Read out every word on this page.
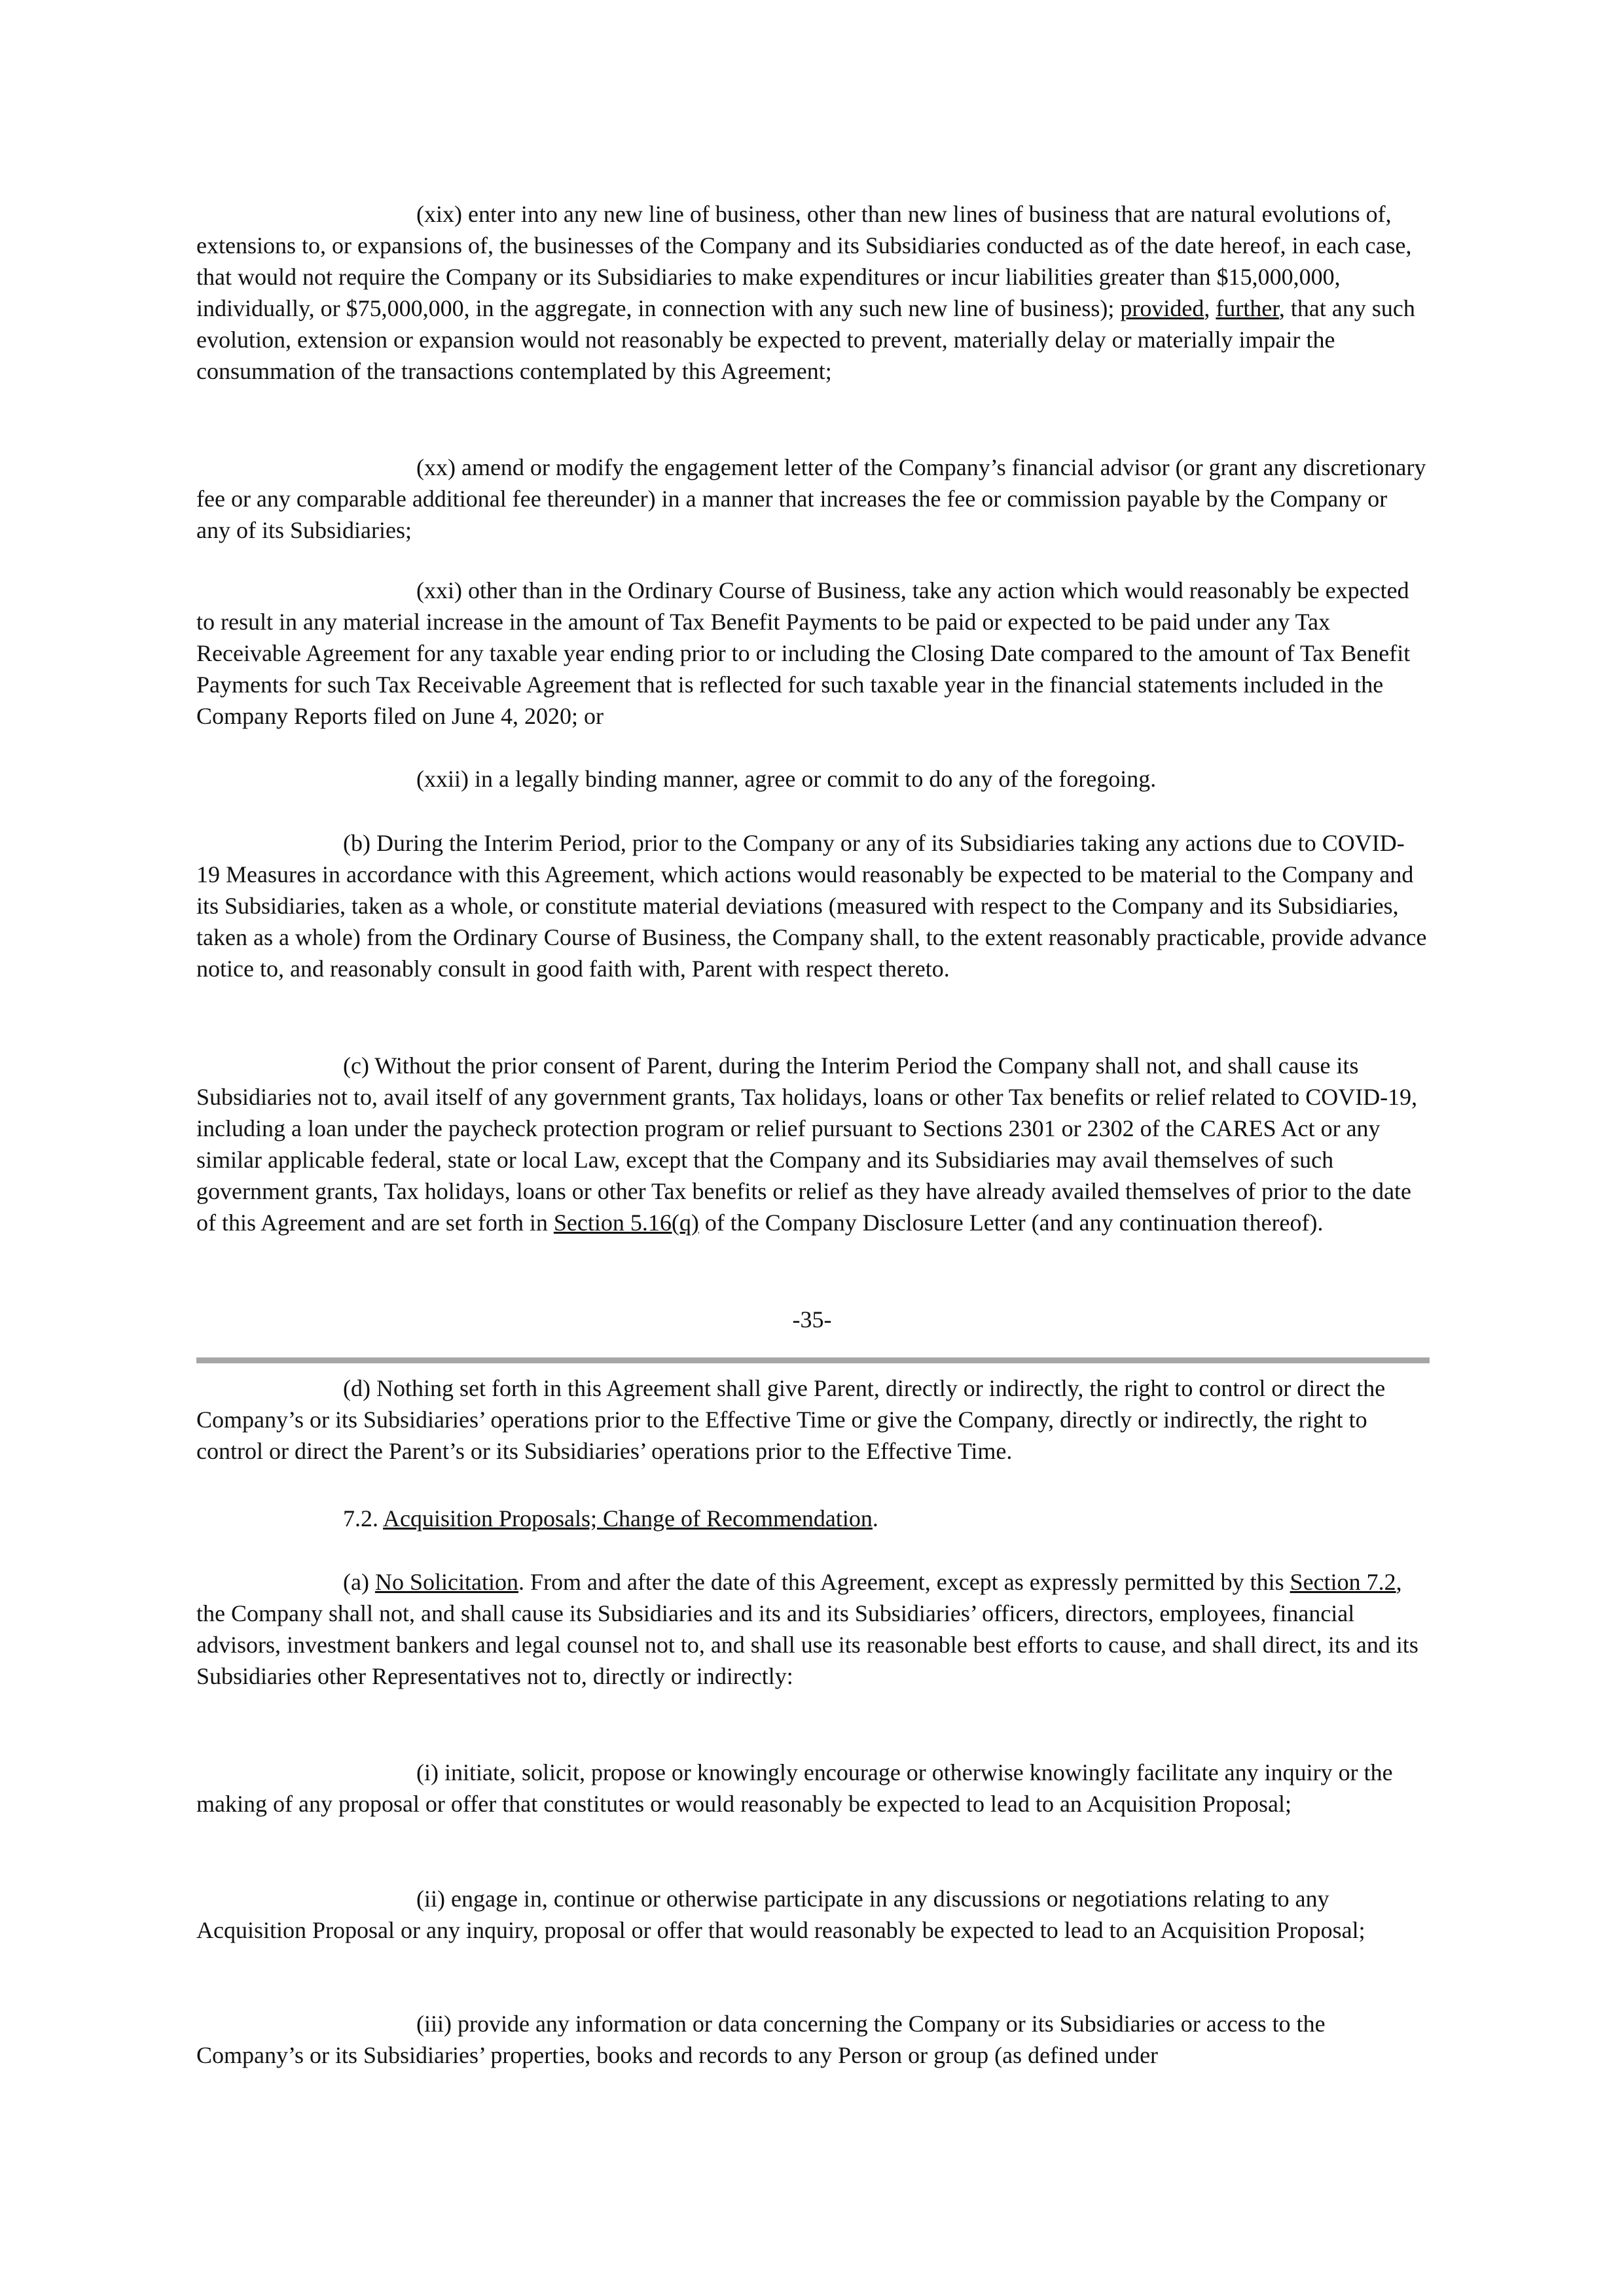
(xix) enter into any new line of business, other than new lines of business that are natural evolutions of, extensions to, or expansions of, the businesses of the Company and its Subsidiaries conducted as of the date hereof, in each case, that would not require the Company or its Subsidiaries to make expenditures or incur liabilities greater than $15,000,000, individually, or $75,000,000, in the aggregate, in connection with any such new line of business); provided, further, that any such evolution, extension or expansion would not reasonably be expected to prevent, materially delay or materially impair the consummation of the transactions contemplated by this Agreement;

(xx) amend or modify the engagement letter of the Company’s financial advisor (or grant any discretionary fee or any comparable additional fee thereunder) in a manner that increases the fee or commission payable by the Company or any of its Subsidiaries;

(xxi) other than in the Ordinary Course of Business, take any action which would reasonably be expected to result in any material increase in the amount of Tax Benefit Payments to be paid or expected to be paid under any Tax Receivable Agreement for any taxable year ending prior to or including the Closing Date compared to the amount of Tax Benefit Payments for such Tax Receivable Agreement that is reflected for such taxable year in the financial statements included in the Company Reports filed on June 4, 2020; or

(xxii) in a legally binding manner, agree or commit to do any of the foregoing.

(b) During the Interim Period, prior to the Company or any of its Subsidiaries taking any actions due to COVID-19 Measures in accordance with this Agreement, which actions would reasonably be expected to be material to the Company and its Subsidiaries, taken as a whole, or constitute material deviations (measured with respect to the Company and its Subsidiaries, taken as a whole) from the Ordinary Course of Business, the Company shall, to the extent reasonably practicable, provide advance notice to, and reasonably consult in good faith with, Parent with respect thereto.

(c) Without the prior consent of Parent, during the Interim Period the Company shall not, and shall cause its Subsidiaries not to, avail itself of any government grants, Tax holidays, loans or other Tax benefits or relief related to COVID-19, including a loan under the paycheck protection program or relief pursuant to Sections 2301 or 2302 of the CARES Act or any similar applicable federal, state or local Law, except that the Company and its Subsidiaries may avail themselves of such government grants, Tax holidays, loans or other Tax benefits or relief as they have already availed themselves of prior to the date of this Agreement and are set forth in Section 5.16(q) of the Company Disclosure Letter (and any continuation thereof).

-35-

(d) Nothing set forth in this Agreement shall give Parent, directly or indirectly, the right to control or direct the Company’s or its Subsidiaries’ operations prior to the Effective Time or give the Company, directly or indirectly, the right to control or direct the Parent’s or its Subsidiaries’ operations prior to the Effective Time.

7.2. Acquisition Proposals; Change of Recommendation.

(a) No Solicitation. From and after the date of this Agreement, except as expressly permitted by this Section 7.2, the Company shall not, and shall cause its Subsidiaries and its and its Subsidiaries’ officers, directors, employees, financial advisors, investment bankers and legal counsel not to, and shall use its reasonable best efforts to cause, and shall direct, its and its Subsidiaries other Representatives not to, directly or indirectly:

(i) initiate, solicit, propose or knowingly encourage or otherwise knowingly facilitate any inquiry or the making of any proposal or offer that constitutes or would reasonably be expected to lead to an Acquisition Proposal;

(ii) engage in, continue or otherwise participate in any discussions or negotiations relating to any Acquisition Proposal or any inquiry, proposal or offer that would reasonably be expected to lead to an Acquisition Proposal;

(iii) provide any information or data concerning the Company or its Subsidiaries or access to the Company’s or its Subsidiaries’ properties, books and records to any Person or group (as defined under
